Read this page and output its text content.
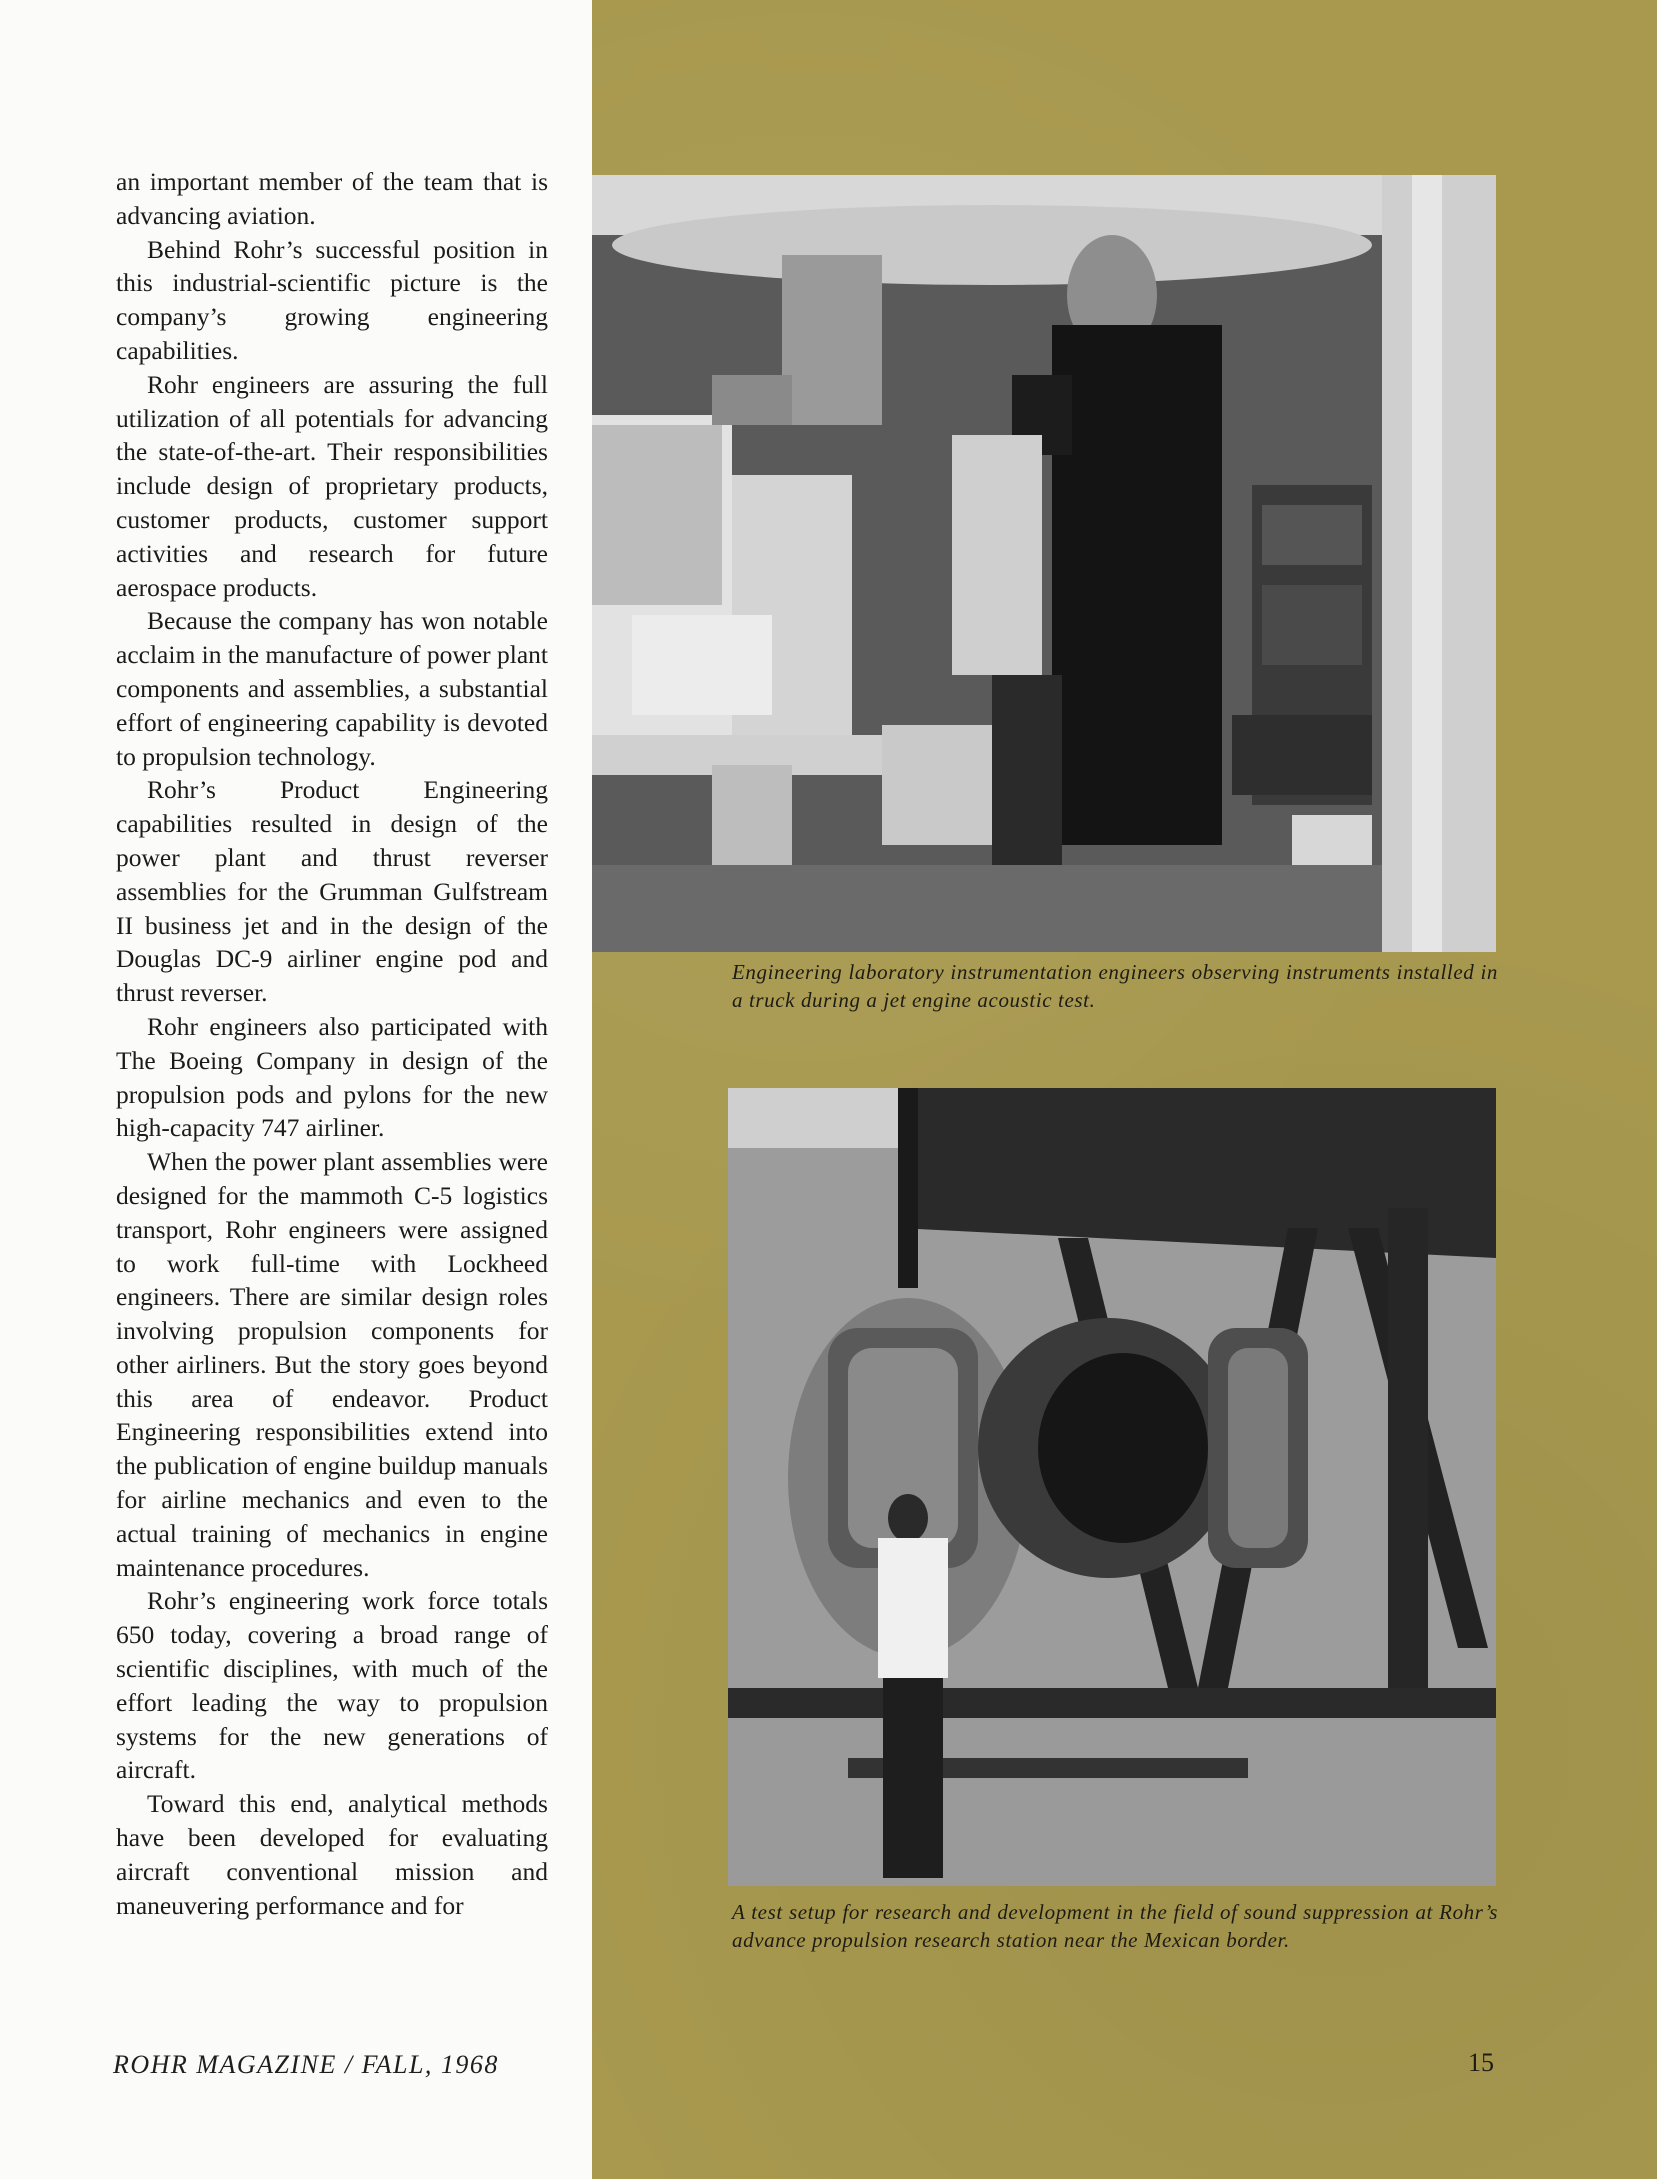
an important member of the team that is advancing aviation.

Behind Rohr’s successful position in this industrial-scientific picture is the company’s growing engineering capabilities.

Rohr engineers are assuring the full utilization of all potentials for advancing the state-of-the-art. Their responsibilities include design of proprietary products, customer products, customer support activities and research for future aerospace products.

Because the company has won notable acclaim in the manufacture of power plant components and assemblies, a substantial effort of engineering capability is devoted to propulsion technology.

Rohr’s Product Engineering capabilities resulted in design of the power plant and thrust reverser assemblies for the Grumman Gulfstream II business jet and in the design of the Douglas DC-9 airliner engine pod and thrust reverser.

Rohr engineers also participated with The Boeing Company in design of the propulsion pods and pylons for the new high-capacity 747 airliner.

When the power plant assemblies were designed for the mammoth C-5 logistics transport, Rohr engineers were assigned to work full-time with Lockheed engineers. There are similar design roles involving propulsion components for other airliners. But the story goes beyond this area of endeavor. Product Engineering responsibilities extend into the publication of engine buildup manuals for airline mechanics and even to the actual training of mechanics in engine maintenance procedures.

Rohr’s engineering work force totals 650 today, covering a broad range of scientific disciplines, with much of the effort leading the way to propulsion systems for the new generations of aircraft.

Toward this end, analytical methods have been developed for evaluating aircraft conventional mission and maneuvering performance and for

Engineering laboratory instrumentation engineers observing instruments installed in a truck during a jet engine acoustic test.
A test setup for research and development in the field of sound suppression at Rohr’s advance propulsion research station near the Mexican border.
ROHR MAGAZINE / FALL, 1968	15
